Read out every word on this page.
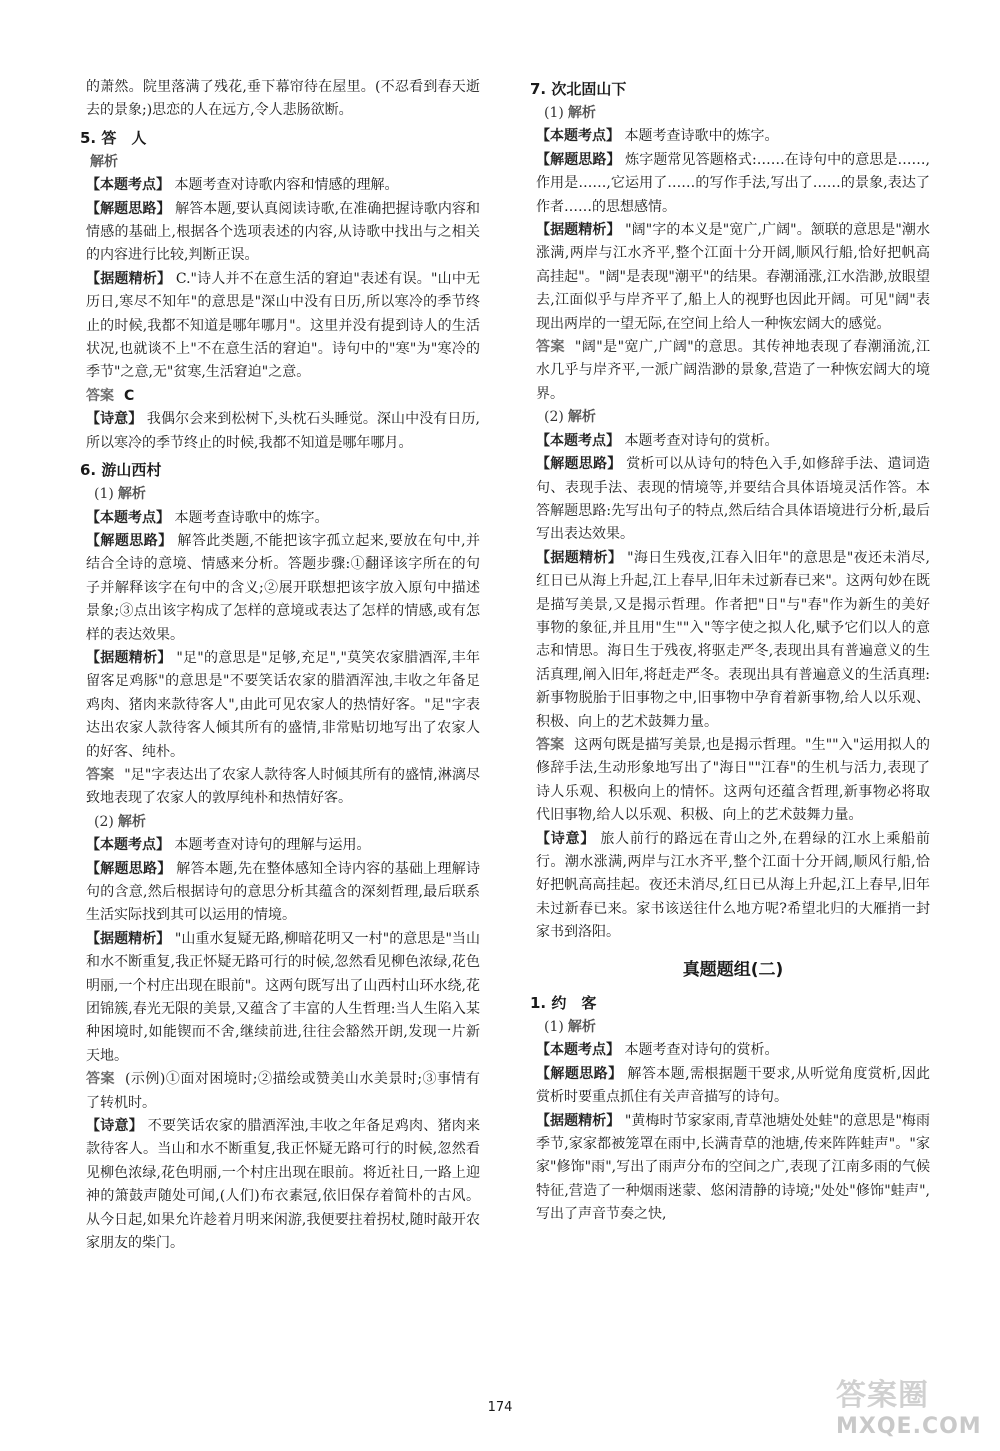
的萧然。院里落满了残花,垂下幕帘待在屋里。(不忍看到春天逝去的景象;)思恋的人在远方,令人悲肠欲断。

5. 答　人

解析

【本题考点】 本题考查对诗歌内容和情感的理解。

【解题思路】 解答本题,要认真阅读诗歌,在准确把握诗歌内容和情感的基础上,根据各个选项表述的内容,从诗歌中找出与之相关的内容进行比较,判断正误。

【据题精析】 C."诗人并不在意生活的窘迫"表述有误。"山中无历日,寒尽不知年"的意思是"深山中没有日历,所以寒冷的季节终止的时候,我都不知道是哪年哪月"。这里并没有提到诗人的生活状况,也就谈不上"不在意生活的窘迫"。诗句中的"寒"为"寒冷的季节"之意,无"贫寒,生活窘迫"之意。

答案 C

【诗意】 我偶尔会来到松树下,头枕石头睡觉。深山中没有日历,所以寒冷的季节终止的时候,我都不知道是哪年哪月。

6. 游山西村

(1) 解析

【本题考点】 本题考查诗歌中的炼字。

【解题思路】 解答此类题,不能把该字孤立起来,要放在句中,并结合全诗的意境、情感来分析。答题步骤:①翻译该字所在的句子并解释该字在句中的含义;②展开联想把该字放入原句中描述景象;③点出该字构成了怎样的意境或表达了怎样的情感,或有怎样的表达效果。

【据题精析】 "足"的意思是"足够,充足","莫笑农家腊酒浑,丰年留客足鸡豚"的意思是"不要笑话农家的腊酒浑浊,丰收之年备足鸡肉、猪肉来款待客人",由此可见农家人的热情好客。"足"字表达出农家人款待客人倾其所有的盛情,非常贴切地写出了农家人的好客、纯朴。

答案 "足"字表达出了农家人款待客人时倾其所有的盛情,淋漓尽致地表现了农家人的敦厚纯朴和热情好客。

(2) 解析

【本题考点】 本题考查对诗句的理解与运用。

【解题思路】 解答本题,先在整体感知全诗内容的基础上理解诗句的含意,然后根据诗句的意思分析其蕴含的深刻哲理,最后联系生活实际找到其可以运用的情境。

【据题精析】 "山重水复疑无路,柳暗花明又一村"的意思是"当山和水不断重复,我正怀疑无路可行的时候,忽然看见柳色浓绿,花色明丽,一个村庄出现在眼前"。这两句既写出了山西村山环水绕,花团锦簇,春光无限的美景,又蕴含了丰富的人生哲理:当人生陷入某种困境时,如能锲而不舍,继续前进,往往会豁然开朗,发现一片新天地。

答案 (示例)①面对困境时;②描绘或赞美山水美景时;③事情有了转机时。

【诗意】 不要笑话农家的腊酒浑浊,丰收之年备足鸡肉、猪肉来款待客人。当山和水不断重复,我正怀疑无路可行的时候,忽然看见柳色浓绿,花色明丽,一个村庄出现在眼前。将近社日,一路上迎神的箫鼓声随处可闻,(人们)布衣素冠,依旧保存着简朴的古风。从今日起,如果允许趁着月明来闲游,我便要拄着拐杖,随时敲开农家朋友的柴门。

7. 次北固山下

(1) 解析

【本题考点】 本题考查诗歌中的炼字。

【解题思路】 炼字题常见答题格式:……在诗句中的意思是……,作用是……,它运用了……的写作手法,写出了……的景象,表达了作者……的思想感情。

【据题精析】 "阔"字的本义是"宽广,广阔"。颔联的意思是"潮水涨满,两岸与江水齐平,整个江面十分开阔,顺风行船,恰好把帆高高挂起"。"阔"是表现"潮平"的结果。春潮涌涨,江水浩渺,放眼望去,江面似乎与岸齐平了,船上人的视野也因此开阔。可见"阔"表现出两岸的一望无际,在空间上给人一种恢宏阔大的感觉。

答案 "阔"是"宽广,广阔"的意思。其传神地表现了春潮涌流,江水几乎与岸齐平,一派广阔浩渺的景象,营造了一种恢宏阔大的境界。

(2) 解析

【本题考点】 本题考查对诗句的赏析。

【解题思路】 赏析可以从诗句的特色入手,如修辞手法、遣词造句、表现手法、表现的情境等,并要结合具体语境灵活作答。本答解题思路:先写出句子的特点,然后结合具体语境进行分析,最后写出表达效果。

【据题精析】 "海日生残夜,江春入旧年"的意思是"夜还未消尽,红日已从海上升起,江上春早,旧年未过新春已来"。这两句妙在既是描写美景,又是揭示哲理。作者把"日"与"春"作为新生的美好事物的象征,并且用"生""入"等字使之拟人化,赋予它们以人的意志和情思。海日生于残夜,将驱走严冬,表现出具有普遍意义的生活真理,阐入旧年,将赶走严冬。表现出具有普遍意义的生活真理:新事物脱胎于旧事物之中,旧事物中孕育着新事物,给人以乐观、积极、向上的艺术鼓舞力量。

答案 这两句既是描写美景,也是揭示哲理。"生""入"运用拟人的修辞手法,生动形象地写出了"海日""江春"的生机与活力,表现了诗人乐观、积极向上的情怀。这两句还蕴含哲理,新事物必将取代旧事物,给人以乐观、积极、向上的艺术鼓舞力量。

【诗意】 旅人前行的路远在青山之外,在碧绿的江水上乘船前行。潮水涨满,两岸与江水齐平,整个江面十分开阔,顺风行船,恰好把帆高高挂起。夜还未消尽,红日已从海上升起,江上春早,旧年未过新春已来。家书该送往什么地方呢?希望北归的大雁捎一封家书到洛阳。

真题题组(二)
1. 约　客

(1) 解析

【本题考点】 本题考查对诗句的赏析。

【解题思路】 解答本题,需根据题干要求,从听觉角度赏析,因此赏析时要重点抓住有关声音描写的诗句。

【据题精析】 "黄梅时节家家雨,青草池塘处处蛙"的意思是"梅雨季节,家家都被笼罩在雨中,长满青草的池塘,传来阵阵蛙声"。"家家"修饰"雨",写出了雨声分布的空间之广,表现了江南多雨的气候特征,营造了一种烟雨迷蒙、悠闲清静的诗境;"处处"修饰"蛙声",写出了声音节奏之快,

174	答案圈
MXQE.COM
